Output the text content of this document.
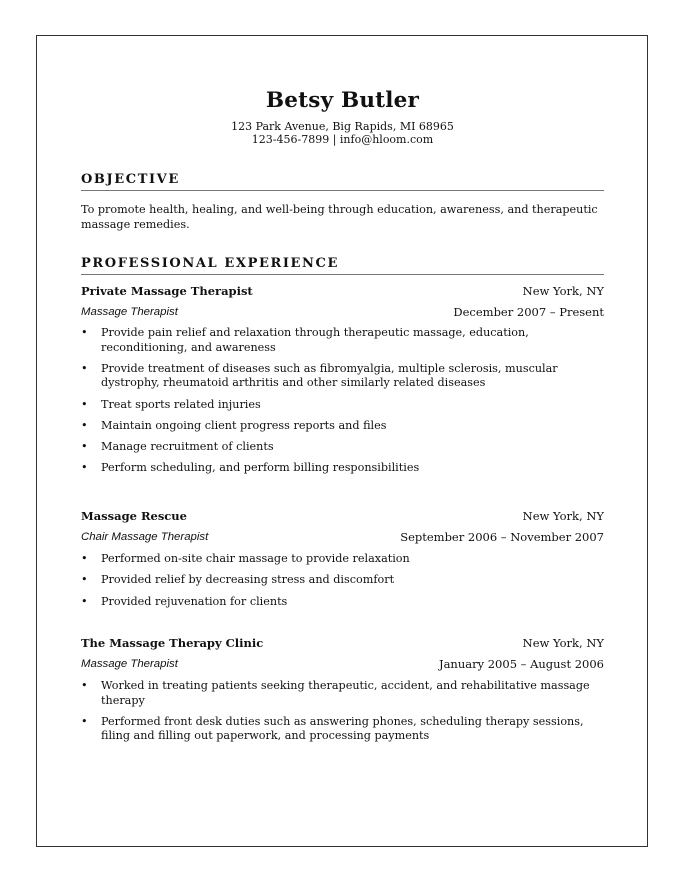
Betsy Butler
123 Park Avenue, Big Rapids, MI 68965
123-456-7899 | info@hloom.com
OBJECTIVE
To promote health, healing, and well-being through education, awareness, and therapeutic massage remedies.
PROFESSIONAL EXPERIENCE
Private Massage Therapist	New York, NY
Massage Therapist	December 2007 – Present
• Provide pain relief and relaxation through therapeutic massage, education, reconditioning, and awareness
• Provide treatment of diseases such as fibromyalgia, multiple sclerosis, muscular dystrophy, rheumatoid arthritis and other similarly related diseases
• Treat sports related injuries
• Maintain ongoing client progress reports and files
• Manage recruitment of clients
• Perform scheduling, and perform billing responsibilities
Massage Rescue	New York, NY
Chair Massage Therapist	September 2006 – November 2007
• Performed on-site chair massage to provide relaxation
• Provided relief by decreasing stress and discomfort
• Provided rejuvenation for clients
The Massage Therapy Clinic	New York, NY
Massage Therapist	January 2005 – August 2006
• Worked in treating patients seeking therapeutic, accident, and rehabilitative massage therapy
• Performed front desk duties such as answering phones, scheduling therapy sessions, filing and filling out paperwork, and processing payments
